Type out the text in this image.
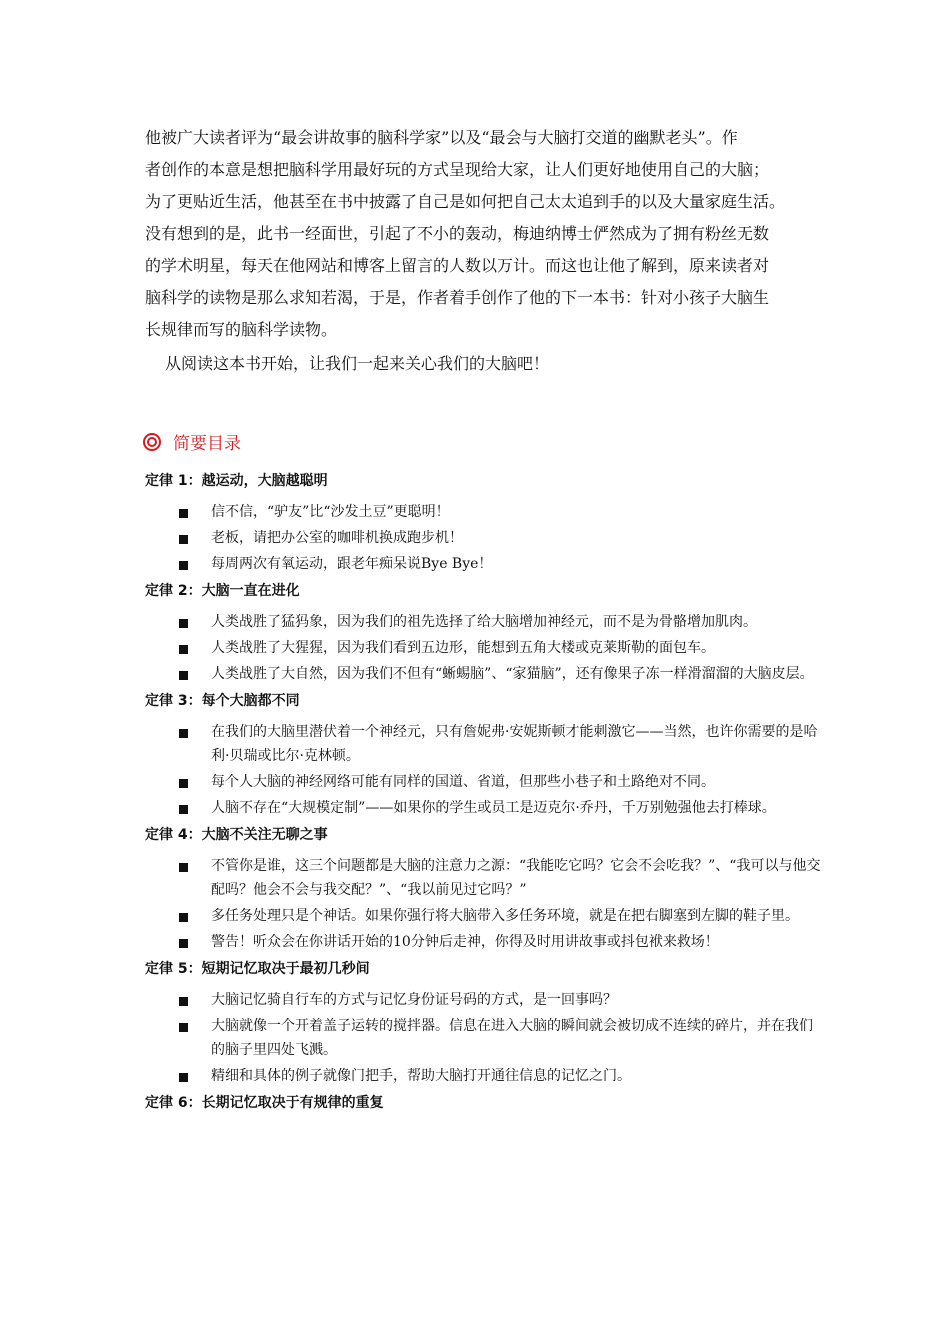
他被广大读者评为“最会讲故事的脑科学家”以及“最会与大脑打交道的幽默老头”。作

者创作的本意是想把脑科学用最好玩的方式呈现给大家，让人们更好地使用自己的大脑；

为了更贴近生活，他甚至在书中披露了自己是如何把自己太太追到手的以及大量家庭生活。

没有想到的是，此书一经面世，引起了不小的轰动，梅迪纳博士俨然成为了拥有粉丝无数

的学术明星，每天在他网站和博客上留言的人数以万计。而这也让他了解到，原来读者对

脑科学的读物是那么求知若渴，于是，作者着手创作了他的下一本书：针对小孩子大脑生

长规律而写的脑科学读物。

从阅读这本书开始，让我们一起来关心我们的大脑吧！

简要目录
定律 1：越运动，大脑越聪明
信不信，“驴友”比“沙发土豆”更聪明！
老板，请把办公室的咖啡机换成跑步机！
每周两次有氧运动，跟老年痴呆说Bye Bye！
定律 2：大脑一直在进化
人类战胜了猛犸象，因为我们的祖先选择了给大脑增加神经元，而不是为骨骼增加肌肉。
人类战胜了大猩猩，因为我们看到五边形，能想到五角大楼或克莱斯勒的面包车。
人类战胜了大自然，因为我们不但有“蜥蜴脑”、“家猫脑”，还有像果子冻一样滑溜溜的大脑皮层。
定律 3：每个大脑都不同
在我们的大脑里潜伏着一个神经元，只有詹妮弗·安妮斯顿才能刺激它——当然，也许你需要的是哈利·贝瑞或比尔·克林顿。
每个人大脑的神经网络可能有同样的国道、省道，但那些小巷子和土路绝对不同。
人脑不存在“大规模定制”——如果你的学生或员工是迈克尔·乔丹，千万别勉强他去打棒球。
定律 4：大脑不关注无聊之事
不管你是谁，这三个问题都是大脑的注意力之源：“我能吃它吗？它会不会吃我？”、“我可以与他交配吗？他会不会与我交配？”、“我以前见过它吗？”
多任务处理只是个神话。如果你强行将大脑带入多任务环境，就是在把右脚塞到左脚的鞋子里。
警告！听众会在你讲话开始的10分钟后走神，你得及时用讲故事或抖包袱来救场！
定律 5：短期记忆取决于最初几秒间
大脑记忆骑自行车的方式与记忆身份证号码的方式，是一回事吗？
大脑就像一个开着盖子运转的搅拌器。信息在进入大脑的瞬间就会被切成不连续的碎片，并在我们的脑子里四处飞溅。
精细和具体的例子就像门把手，帮助大脑打开通往信息的记忆之门。
定律 6：长期记忆取决于有规律的重复
